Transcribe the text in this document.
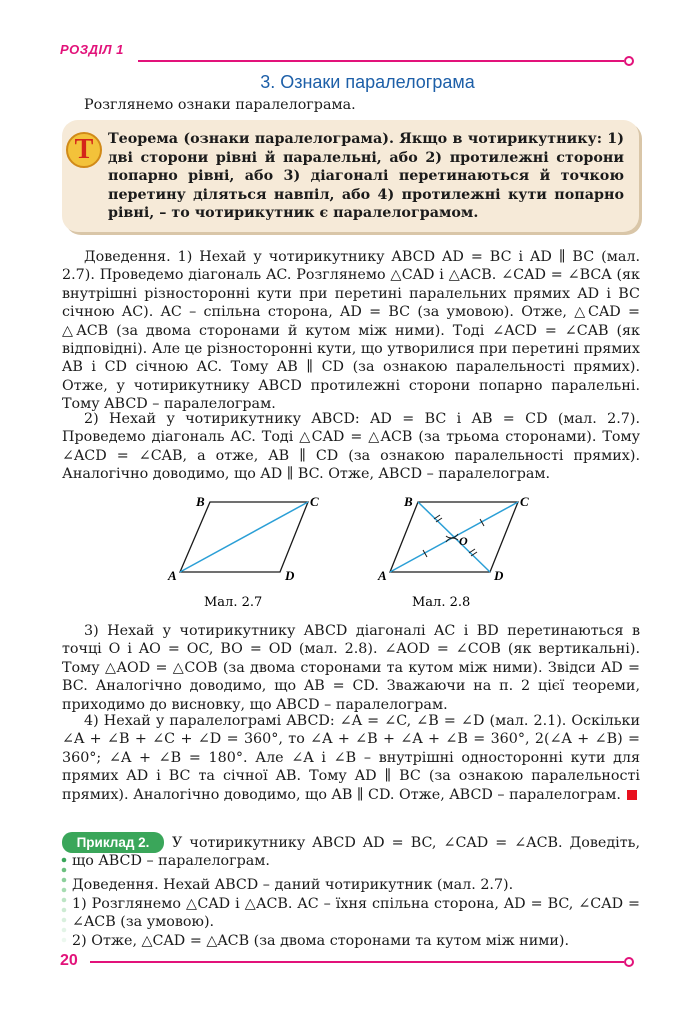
РОЗДІЛ 1
3. Ознаки паралелограма
Розглянемо ознаки паралелограма.
Т	Теорема (ознаки паралелограма). Якщо в чотирикутнику: 1) дві сторони рівні й паралельні, або 2) протилежні сторони попарно рівні, або 3) діагоналі перетинаються й точкою перетину діляться навпіл, або 4) протилежні кути попарно рівні, – то чотирикутник є паралелограмом.
Доведення. 1) Нехай у чотирикутнику ABCD AD = BC і AD ∥ BC (мал. 2.7). Проведемо діагональ AC. Розглянемо △CAD і △ACB. ∠CAD = ∠BCA (як внутрішні різносторонні кути при перетині паралельних прямих AD і BC січною AC). AC – спільна сторона, AD = BC (за умовою). Отже, △CAD = △ACB (за двома сторонами й кутом між ними). Тоді ∠ACD = ∠CAB (як відповідні). Але це різносторонні кути, що утворилися при перетині прямих AB і CD січною AC. Тому AB ∥ CD (за ознакою паралельності прямих). Отже, у чотирикутнику ABCD протилежні сторони попарно паралельні. Тому ABCD – паралелограм.
2) Нехай у чотирикутнику ABCD: AD = BC і AB = CD (мал. 2.7). Проведемо діагональ AC. Тоді △CAD = △ACB (за трьома сторонами). Тому ∠ACD = ∠CAB, а отже, AB ∥ CD (за ознакою паралельності прямих). Аналогічно доводимо, що AD ∥ BC. Отже, ABCD – паралелограм.
A
B	C
D
Мал. 2.7
A
B	C
D
O
Мал. 2.8
3) Нехай у чотирикутнику ABCD діагоналі AC і BD перетинаються в точці O і AO = OC, BO = OD (мал. 2.8). ∠AOD = ∠COB (як вертикальні). Тому △AOD = △COB (за двома сторонами та кутом між ними). Звідси AD = BC. Аналогічно доводимо, що AB = CD. Зважаючи на п. 2 цієї теореми, приходимо до висновку, що ABCD – паралелограм.
4) Нехай у паралелограмі ABCD: ∠A = ∠C, ∠B = ∠D (мал. 2.1). Оскільки ∠A + ∠B + ∠C + ∠D = 360°, то ∠A + ∠B + ∠A + ∠B = 360°, 2(∠A + ∠B) = 360°; ∠A + ∠B = 180°. Але ∠A і ∠B – внутрішні односторонні кути для прямих AD і BC та січної AB. Тому AD ∥ BC (за ознакою паралельності прямих). Аналогічно доводимо, що AB ∥ CD. Отже, ABCD – паралелограм.
Приклад 2.	У чотирикутнику ABCD AD = BC, ∠CAD = ∠ACB. Доведіть, що ABCD – паралелограм.
Доведення. Нехай ABCD – даний чотирикутник (мал. 2.7).
1) Розглянемо △CAD і △ACB. AC – їхня спільна сторона, AD = BC, ∠CAD = ∠ACB (за умовою).
2) Отже, △CAD = △ACB (за двома сторонами та кутом між ними).
20
